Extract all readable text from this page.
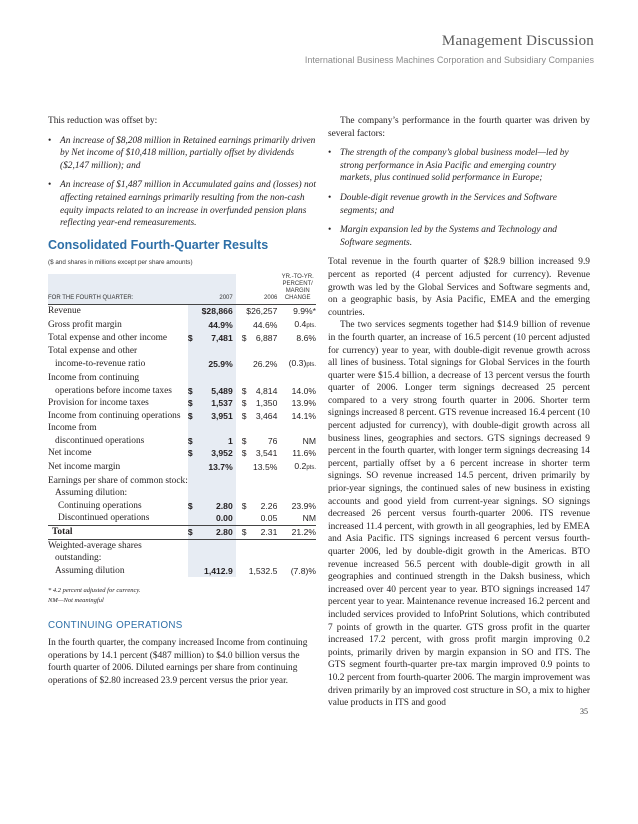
Management Discussion
International Business Machines Corporation and Subsidiary Companies

This reduction was offset by:

• An increase of $8,208 million in Retained earnings primarily driven by Net income of $10,418 million, partially offset by dividends ($2,147 million); and
• An increase of $1,487 million in Accumulated gains and (losses) not affecting retained earnings primarily resulting from the non-cash equity impacts related to an increase in overfunded pension plans reflecting year-end remeasurements.
Consolidated Fourth-Quarter Results
($ and shares in millions except per share amounts)
FOR THE FOURTH QUARTER:	2007	2006	YR.-TO-YR. PERCENT/ MARGIN CHANGE
Revenue	$28,866	$26,257	9.9%*
Gross profit margin	44.9%	44.6%	0.4pts.
Total expense and other income	$ 7,481	$ 6,887	8.6%
Total expense and other			
income-to-revenue ratio	25.9%	26.2%	(0.3)pts.
Income from continuing			
operations before income taxes	$ 5,489	$ 4,814	14.0%
Provision for income taxes	$ 1,537	$ 1,350	13.9%
Income from continuing operations	$ 3,951	$ 3,464	14.1%
Income from			
discontinued operations	$ 1	$ 76	NM
Net income	$ 3,952	$ 3,541	11.6%
Net income margin	13.7%	13.5%	0.2pts.
Earnings per share of common stock:			
Assuming dilution:			
Continuing operations	$ 2.80	$ 2.26	23.9%
Discontinued operations	0.00	0.05	NM
Total	$ 2.80	$ 2.31	21.2%
Weighted-average shares			
outstanding:			
Assuming dilution	1,412.9	1,532.5	(7.8)%
* 4.2 percent adjusted for currency.
NM—Not meaningful
CONTINUING OPERATIONS

In the fourth quarter, the company increased Income from continuing operations by 14.1 percent ($487 million) to $4.0 billion versus the fourth quarter of 2006. Diluted earnings per share from continuing operations of $2.80 increased 23.9 percent versus the prior year.

The company’s performance in the fourth quarter was driven by several factors:

• The strength of the company’s global business model—led by strong performance in Asia Pacific and emerging country markets, plus continued solid performance in Europe;
• Double-digit revenue growth in the Services and Software segments; and
• Margin expansion led by the Systems and Technology and Software segments.

Total revenue in the fourth quarter of $28.9 billion increased 9.9 percent as reported (4 percent adjusted for currency). Revenue growth was led by the Global Services and Software segments and, on a geographic basis, by Asia Pacific, EMEA and the emerging countries.

The two services segments together had $14.9 billion of revenue in the fourth quarter, an increase of 16.5 percent (10 percent adjusted for currency) year to year, with double-digit revenue growth across all lines of business. Total signings for Global Services in the fourth quarter were $15.4 billion, a decrease of 13 percent versus the fourth quarter of 2006. Longer term signings decreased 25 percent compared to a very strong fourth quarter in 2006. Shorter term signings increased 8 percent. GTS revenue increased 16.4 percent (10 percent adjusted for currency), with double-digit growth across all business lines, geographies and sectors. GTS signings decreased 9 percent in the fourth quarter, with longer term signings decreasing 14 percent, partially offset by a 6 percent increase in shorter term signings. SO revenue increased 14.5 percent, driven primarily by prior-year signings, the continued sales of new business in existing accounts and good yield from current-year signings. SO signings decreased 26 percent versus fourth-quarter 2006. ITS revenue increased 11.4 percent, with growth in all geographies, led by EMEA and Asia Pacific. ITS signings increased 6 percent versus fourth-quarter 2006, led by double-digit growth in the Americas. BTO revenue increased 56.5 percent with double-digit growth in all geographies and continued strength in the Daksh business, which increased over 40 percent year to year. BTO signings increased 147 percent year to year. Maintenance revenue increased 16.2 percent and included services provided to InfoPrint Solutions, which contributed 7 points of growth in the quarter. GTS gross profit in the quarter increased 17.2 percent, with gross profit margin improving 0.2 points, primarily driven by margin expansion in SO and ITS. The GTS segment fourth-quarter pre-tax margin improved 0.9 points to 10.2 percent from fourth-quarter 2006. The margin improvement was driven primarily by an improved cost structure in SO, a mix to higher value products in ITS and good

35
